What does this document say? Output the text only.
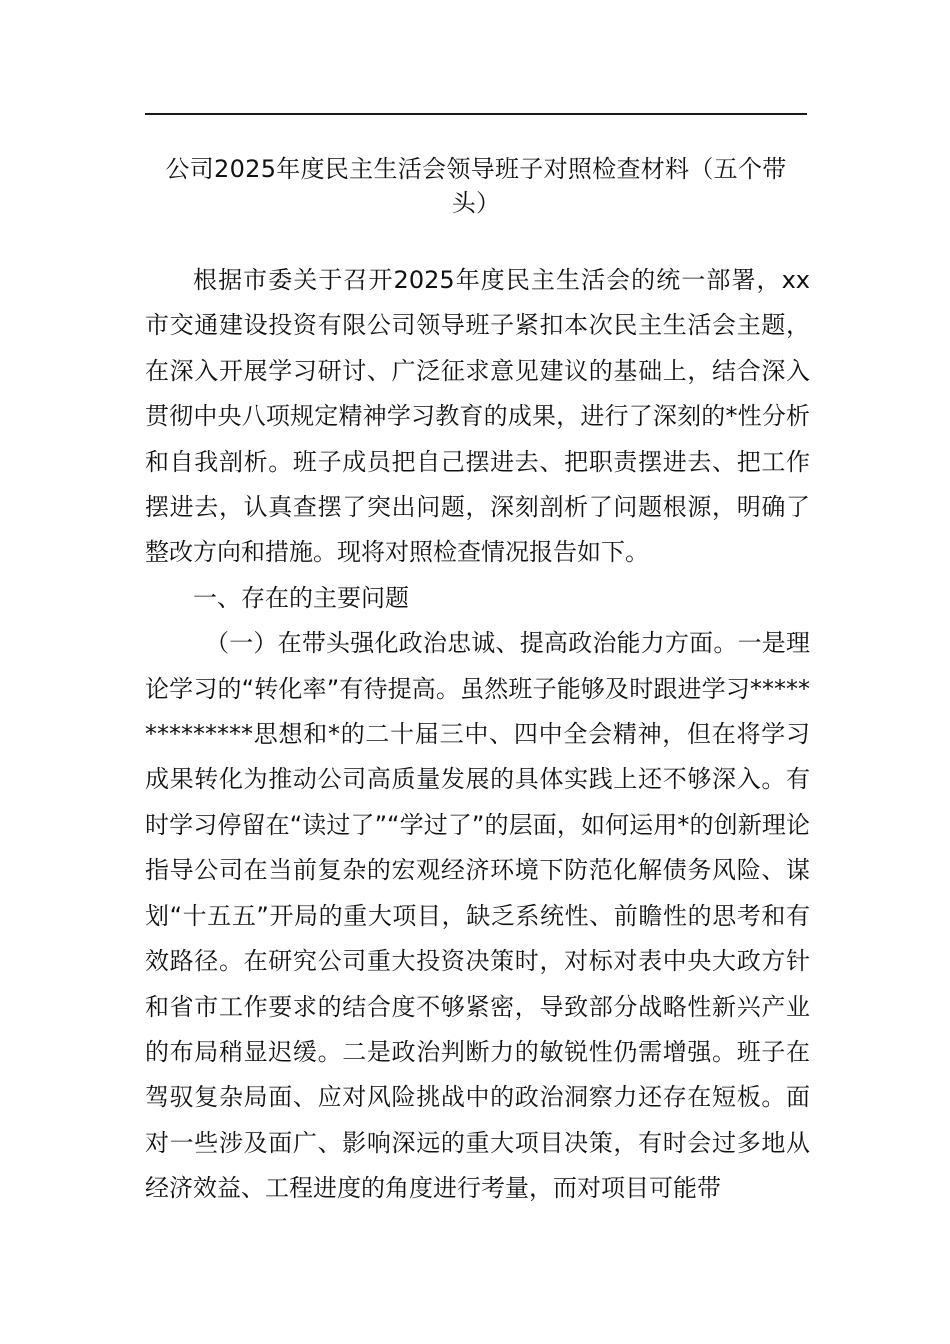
公司2025年度民主生活会领导班子对照检查材料（五个带头）

根据市委关于召开2025年度民主生活会的统一部署，xx市交通建设投资有限公司领导班子紧扣本次民主生活会主题，在深入开展学习研讨、广泛征求意见建议的基础上，结合深入贯彻中央八项规定精神学习教育的成果，进行了深刻的*性分析和自我剖析。班子成员把自己摆进去、把职责摆进去、把工作摆进去，认真查摆了突出问题，深刻剖析了问题根源，明确了整改方向和措施。现将对照检查情况报告如下。

一、存在的主要问题

（一）在带头强化政治忠诚、提高政治能力方面。一是理论学习的“转化率”有待提高。虽然班子能够及时跟进学习**************思想和*的二十届三中、四中全会精神，但在将学习成果转化为推动公司高质量发展的具体实践上还不够深入。有时学习停留在“读过了”“学过了”的层面，如何运用*的创新理论指导公司在当前复杂的宏观经济环境下防范化解债务风险、谋划“十五五”开局的重大项目，缺乏系统性、前瞻性的思考和有效路径。在研究公司重大投资决策时，对标对表中央大政方针和省市工作要求的结合度不够紧密，导致部分战略性新兴产业的布局稍显迟缓。二是政治判断力的敏锐性仍需增强。班子在驾驭复杂局面、应对风险挑战中的政治洞察力还存在短板。面对一些涉及面广、影响深远的重大项目决策，有时会过多地从经济效益、工程进度的角度进行考量，而对项目可能带
